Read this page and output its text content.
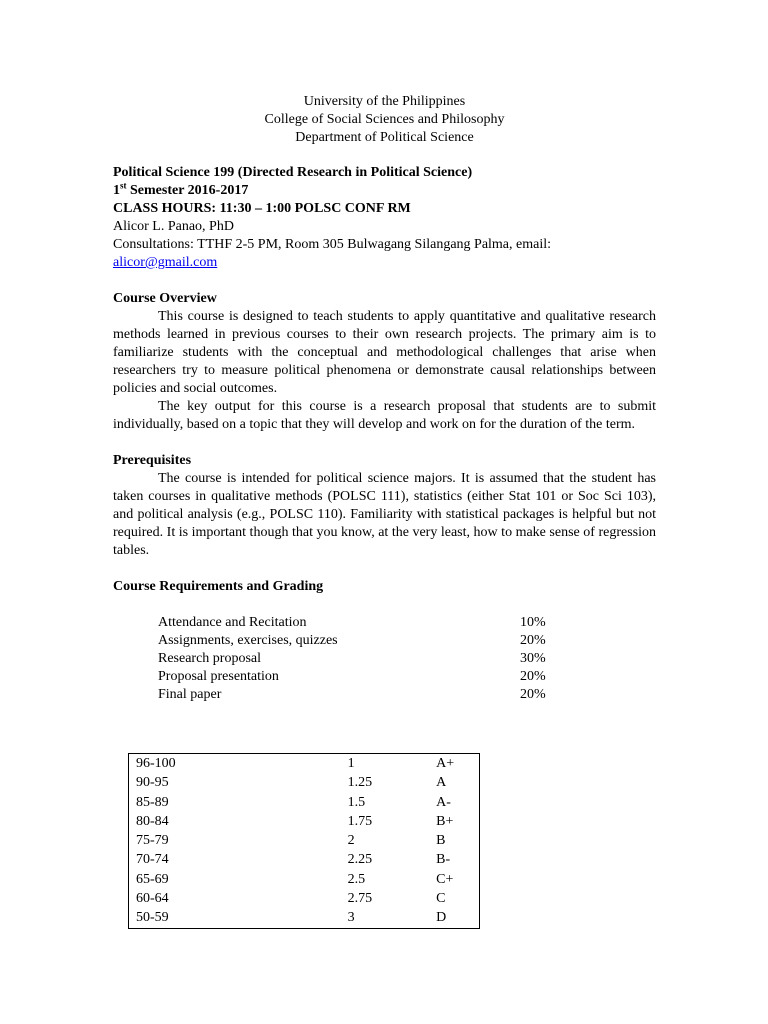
University of the Philippines
College of Social Sciences and Philosophy
Department of Political Science
Political Science 199 (Directed Research in Political Science)
1st Semester 2016-2017
CLASS HOURS: 11:30 – 1:00 POLSC CONF RM
Alicor L. Panao, PhD
Consultations: TTHF 2-5 PM, Room 305 Bulwagang Silangang Palma, email:
alicor@gmail.com
Course Overview

This course is designed to teach students to apply quantitative and qualitative research methods learned in previous courses to their own research projects. The primary aim is to familiarize students with the conceptual and methodological challenges that arise when researchers try to measure political phenomena or demonstrate causal relationships between policies and social outcomes.

The key output for this course is a research proposal that students are to submit individually, based on a topic that they will develop and work on for the duration of the term.

Prerequisites

The course is intended for political science majors. It is assumed that the student has taken courses in qualitative methods (POLSC 111), statistics (either Stat 101 or Soc Sci 103), and political analysis (e.g., POLSC 110). Familiarity with statistical packages is helpful but not required. It is important though that you know, at the very least, how to make sense of regression tables.

Course Requirements and Grading
Attendance and Recitation	10%
Assignments, exercises, quizzes	20%
Research proposal	30%
Proposal presentation	20%
Final paper	20%
96-100	1	A+
90-95	1.25	A
85-89	1.5	A-
80-84	1.75	B+
75-79	2	B
70-74	2.25	B-
65-69	2.5	C+
60-64	2.75	C
50-59	3	D
